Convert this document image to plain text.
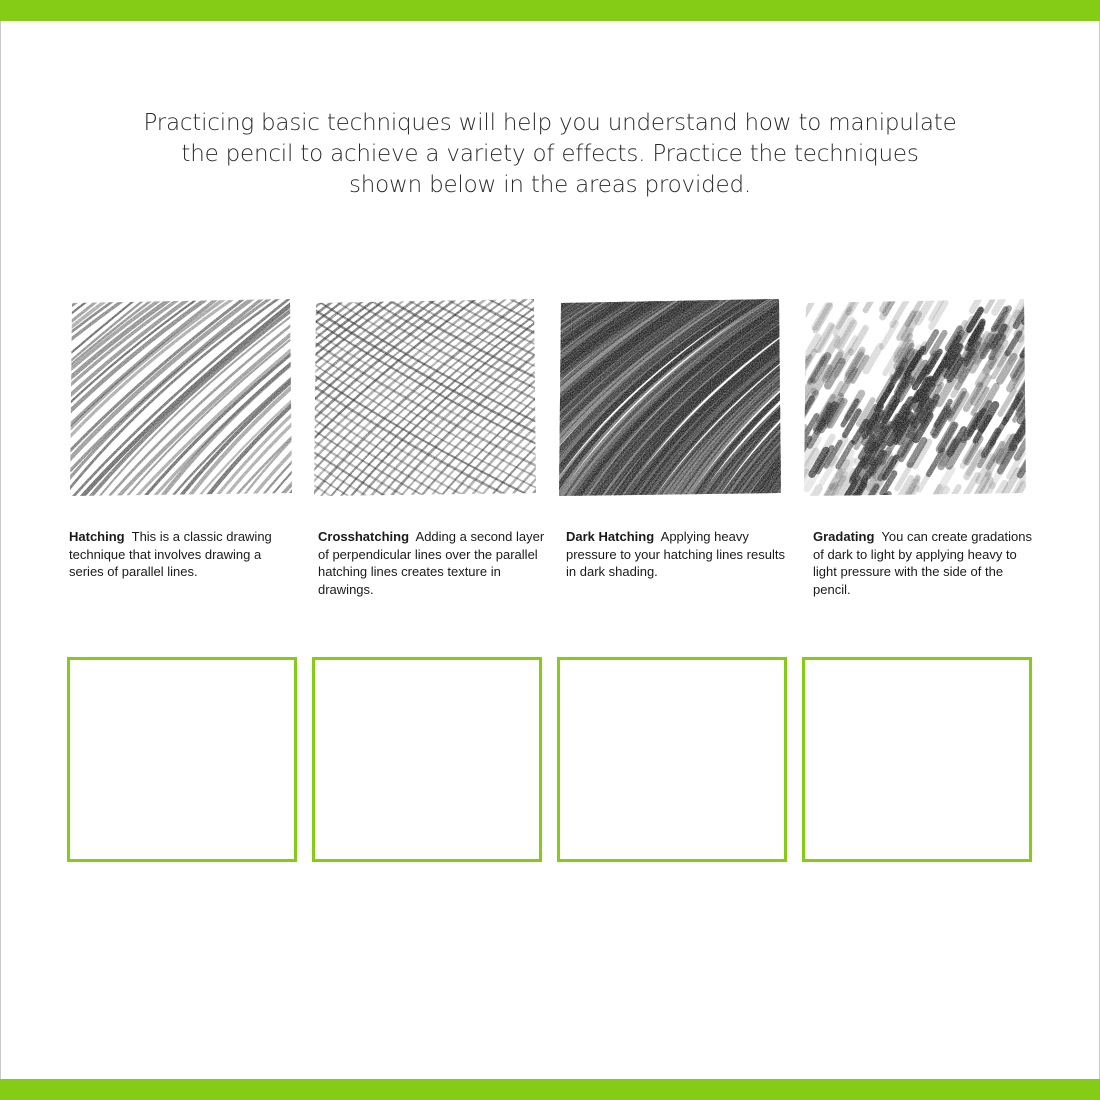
Practicing basic techniques will help you understand how to manipulate
the pencil to achieve a variety of effects. Practice the techniques
shown below in the areas provided.

Hatching This is a classic drawing technique that involves drawing a series of parallel lines.

Crosshatching Adding a second layer of perpendicular lines over the parallel hatching lines creates texture in drawings.

Dark Hatching Applying heavy pressure to your hatching lines results in dark shading.

Gradating You can create gradations of dark to light by applying heavy to light pressure with the side of the pencil.
